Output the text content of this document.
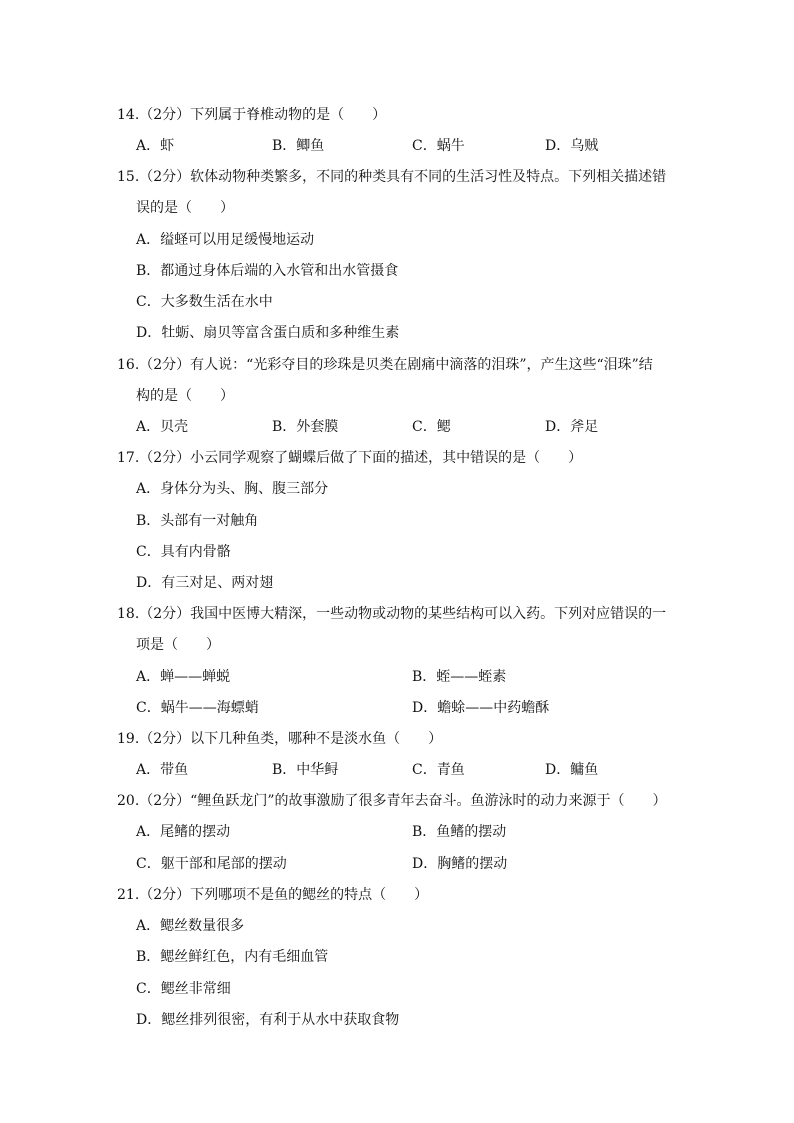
14.（2分）下列属于脊椎动物的是（　　）
A．虾	B．鲫鱼	C．蜗牛	D．乌贼
15.（2分）软体动物种类繁多，不同的种类具有不同的生活习性及特点。下列相关描述错
误的是（　　）
A．缢蛏可以用足缓慢地运动
B．都通过身体后端的入水管和出水管摄食
C．大多数生活在水中
D．牡蛎、扇贝等富含蛋白质和多种维生素
16.（2分）有人说：“光彩夺目的珍珠是贝类在剧痛中滴落的泪珠”，产生这些“泪珠”结
构的是（　　）
A．贝壳	B．外套膜	C．鳃	D．斧足
17.（2分）小云同学观察了蝴蝶后做了下面的描述，其中错误的是（　　）
A．身体分为头、胸、腹三部分
B．头部有一对触角
C．具有内骨骼
D．有三对足、两对翅
18.（2分）我国中医博大精深，一些动物或动物的某些结构可以入药。下列对应错误的一
项是（　　）
A．蝉——蝉蜕	B．蛭——蛭素
C．蜗牛——海螵蛸	D．蟾蜍——中药蟾酥
19.（2分）以下几种鱼类，哪种不是淡水鱼（　　）
A．带鱼	B．中华鲟	C．青鱼	D．鳙鱼
20.（2分）“鲤鱼跃龙门”的故事激励了很多青年去奋斗。鱼游泳时的动力来源于（　　）
A．尾鳍的摆动	B．鱼鳍的摆动
C．躯干部和尾部的摆动	D．胸鳍的摆动
21.（2分）下列哪项不是鱼的鳃丝的特点（　　）
A．鳃丝数量很多
B．鳃丝鲜红色，内有毛细血管
C．鳃丝非常细
D．鳃丝排列很密，有利于从水中获取食物
